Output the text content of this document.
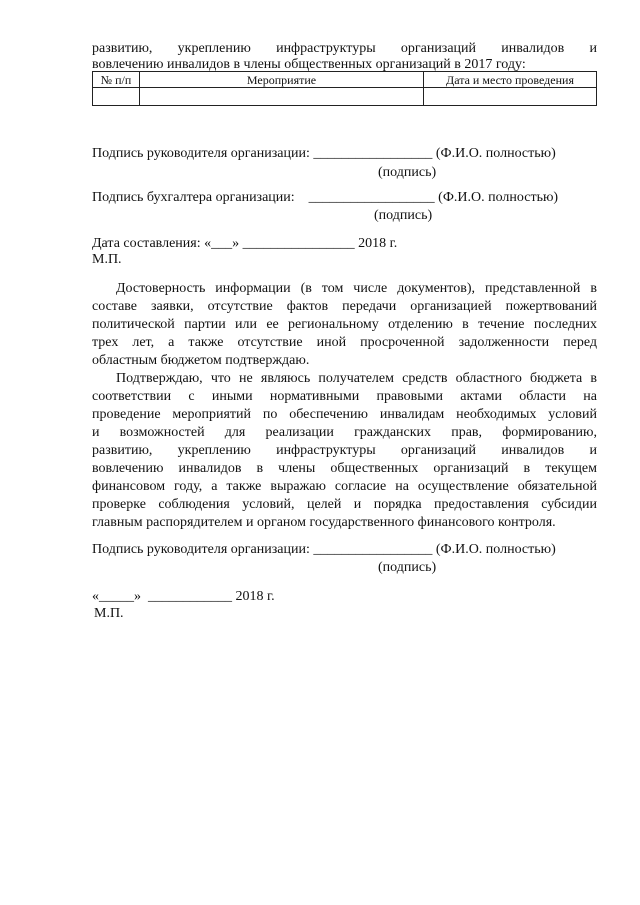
развитию, укреплению инфраструктуры организаций инвалидов и
вовлечению инвалидов в члены общественных организаций в 2017 году:
№ п/п	Мероприятие	Дата и место проведения

Подпись руководителя организации: _________________ (Ф.И.О. полностью)
(подпись)
Подпись бухгалтера организации:    __________________ (Ф.И.О. полностью)
(подпись)
Дата составления: «___» ________________ 2018 г.
М.П.
Достоверность информации (в том числе документов), представленной в
составе заявки, отсутствие фактов передачи организацией пожертвований
политической партии или ее региональному отделению в течение последних
трех лет, а также отсутствие иной просроченной задолженности перед
областным бюджетом подтверждаю.
Подтверждаю, что не являюсь получателем средств областного бюджета в
соответствии с иными нормативными правовыми актами области на
проведение мероприятий по обеспечению инвалидам необходимых условий
и возможностей для реализации гражданских прав, формированию,
развитию, укреплению инфраструктуры организаций инвалидов и
вовлечению инвалидов в члены общественных организаций в текущем
финансовом году, а также выражаю согласие на осуществление обязательной
проверке соблюдения условий, целей и порядка предоставления субсидии
главным распорядителем и органом государственного финансового контроля.
Подпись руководителя организации: _________________ (Ф.И.О. полностью)
(подпись)
«_____»  ____________ 2018 г.
М.П.
